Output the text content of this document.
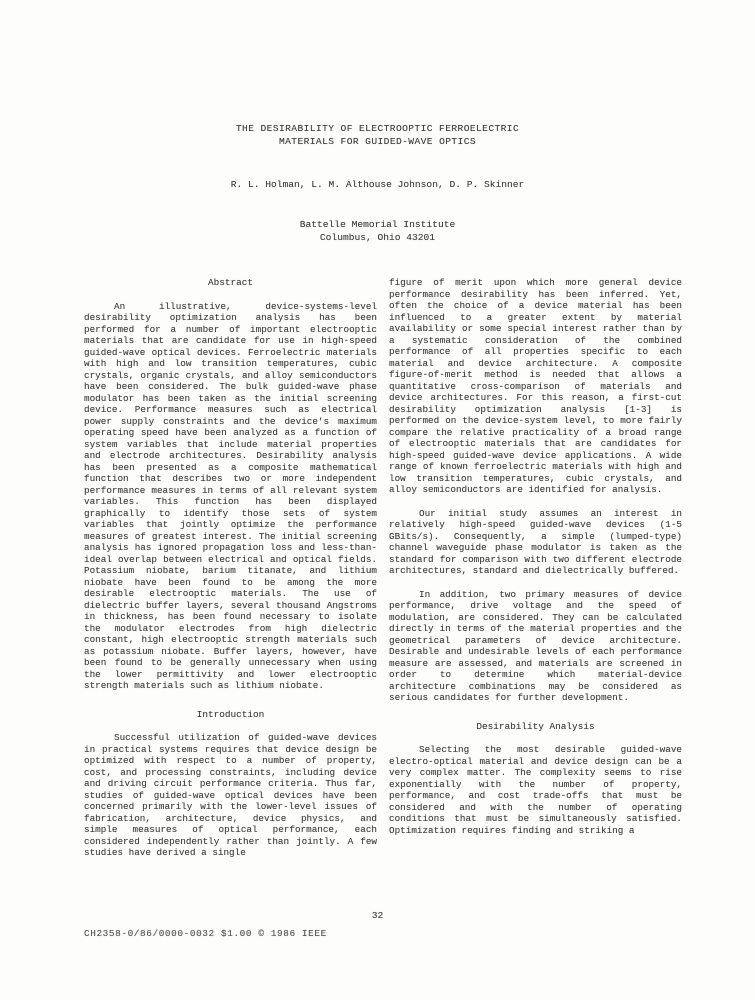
THE DESIRABILITY OF ELECTROOPTIC FERROELECTRIC
MATERIALS FOR GUIDED-WAVE OPTICS
R. L. Holman, L. M. Althouse Johnson, D. P. Skinner
Battelle Memorial Institute
Columbus, Ohio 43201
Abstract

An illustrative, device-systems-level desirability optimization analysis has been performed for a number of important electrooptic materials that are candidate for use in high-speed guided-wave optical devices. Ferroelectric materials with high and low transition temperatures, cubic crystals, organic crystals, and alloy semiconductors have been considered. The bulk guided-wave phase modulator has been taken as the initial screening device. Performance measures such as electrical power supply constraints and the device's maximum operating speed have been analyzed as a function of system variables that include material properties and electrode architectures. Desirability analysis has been presented as a composite mathematical function that describes two or more independent performance measures in terms of all relevant system variables. This function has been displayed graphically to identify those sets of system variables that jointly optimize the performance measures of greatest interest. The initial screening analysis has ignored propagation loss and less-than-ideal overlap between electrical and optical fields. Potassium niobate, barium titanate, and lithium niobate have been found to be among the more desirable electrooptic materials. The use of dielectric buffer layers, several thousand Angstroms in thickness, has been found necessary to isolate the modulator electrodes from high dielectric constant, high electrooptic strength materials such as potassium niobate. Buffer layers, however, have been found to be generally unnecessary when using the lower permittivity and lower electrooptic strength materials such as lithium niobate.

Introduction

Successful utilization of guided-wave devices in practical systems requires that device design be optimized with respect to a number of property, cost, and processing constraints, including device and driving circuit performance criteria. Thus far, studies of guided-wave optical devices have been concerned primarily with the lower-level issues of fabrication, architecture, device physics, and simple measures of optical performance, each considered independently rather than jointly. A few studies have derived a single

figure of merit upon which more general device performance desirability has been inferred. Yet, often the choice of a device material has been influenced to a greater extent by material availability or some special interest rather than by a systematic consideration of the combined performance of all properties specific to each material and device architecture. A composite figure-of-merit method is needed that allows a quantitative cross-comparison of materials and device architectures. For this reason, a first-cut desirability optimization analysis [1-3] is performed on the device-system level, to more fairly compare the relative practicality of a broad range of electrooptic materials that are candidates for high-speed guided-wave device applications. A wide range of known ferroelectric materials with high and low transition temperatures, cubic crystals, and alloy semiconductors are identified for analysis.

Our initial study assumes an interest in relatively high-speed guided-wave devices (1-5 GBits/s). Consequently, a simple (lumped-type) channel waveguide phase modulator is taken as the standard for comparison with two different electrode architectures, standard and dielectrically buffered.

In addition, two primary measures of device performance, drive voltage and the speed of modulation, are considered. They can be calculated directly in terms of the material properties and the geometrical parameters of device architecture. Desirable and undesirable levels of each performance measure are assessed, and materials are screened in order to determine which material-device architecture combinations may be considered as serious candidates for further development.

Desirability Analysis

Selecting the most desirable guided-wave electro-optical material and device design can be a very complex matter. The complexity seems to rise exponentially with the number of property, performance, and cost trade-offs that must be considered and with the number of operating conditions that must be simultaneously satisfied. Optimization requires finding and striking a

32
CH2358-0/86/0000-0032 $1.00 © 1986 IEEE
